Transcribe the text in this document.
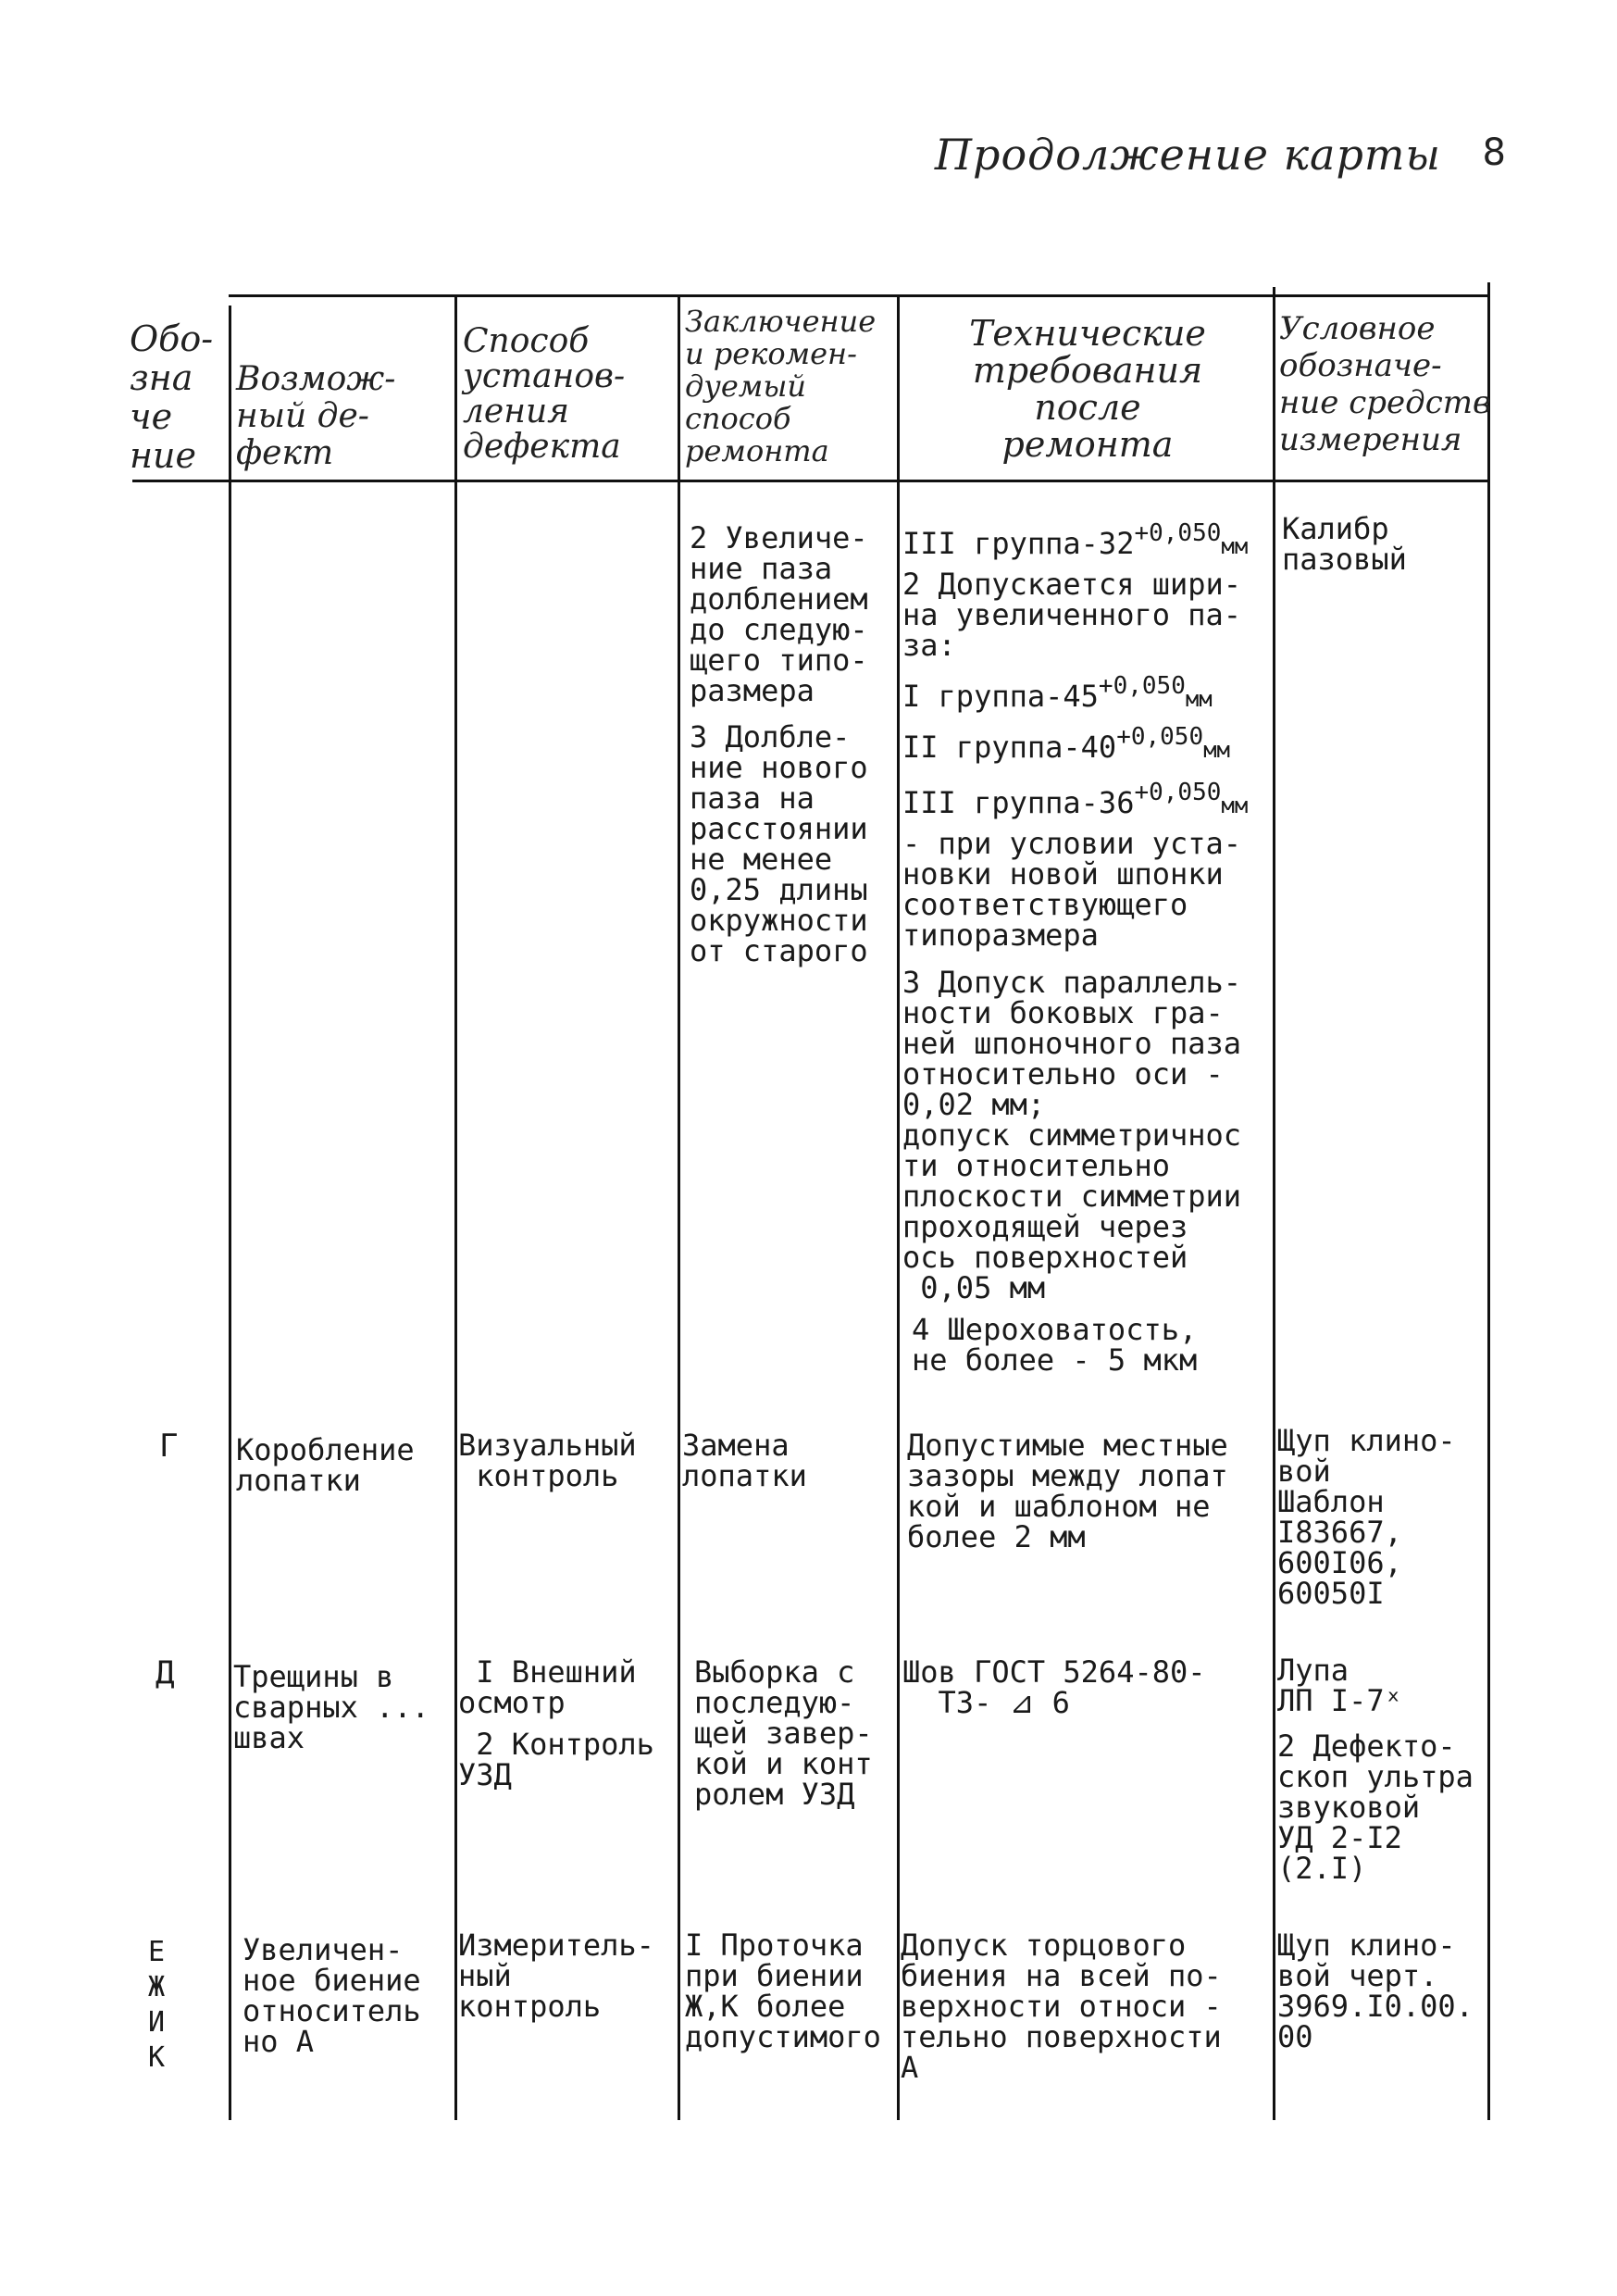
Продолжение карты 8
Обо-
зна
че
ние
Возмож-
ный де-
фект
Способ
установ-
ления
дефекта
Заключение
и рекомен-
дуемый
способ
ремонта
Технические
требования
после
ремонта
Условное
обозначе-
ние средств
измерения
2 Увеличе-
ние паза
долблением
до следую-
щего типо-
размера
3 Долбле-
ние нового
паза на
расстоянии
не менее
0,25 длины
окружности
от старого
III группа-$32^{+0,050}мм$
2 Допускается шири-
на увеличенного па-
за:
I группа-$45^{+0,050}мм$
II группа-$40^{+0,050}мм$
III группа-$36^{+0,050}мм$
- при условии уста-
новки новой шпонки
соответствующего
типоразмера
3 Допуск параллель-
ности боковых гра-
ней шпоночного паза
относительно оси -
0,02 мм;
допуск симметричнос
ти относительно
плоскости симметрии
проходящей через
ось поверхностей
0,05 мм
4 Шероховатость,
не более - 5 мкм
Калибр
пазовый
Г Коробление
лопатки
Визуальный
контроль
Замена
лопатки
Допустимые местные
зазоры между лопат
кой и шаблоном не
более 2 мм
Щуп клино-
вой
Шаблон
I83667,
600I06,
60050I
Д Трещины в
сварных ...
швах
I Внешний
осмотр
2 Контроль
УЗД
Выборка с
последую-
щей завер-
кой и конт
ролем УЗД
Шов ГОСТ 5264-80-
Т3- ⊿ 6
Лупа
ЛП I-7ˣ
2 Дефекто-
скоп ультра
звуковой
УД 2-I2
(2.I)
Е
Ж
И
К
Увеличен-
ное биение
относитель
но А
Измеритель-
ный
контроль
I Проточка
при биении
Ж,К более
допустимого
Допуск торцового
биения на всей по-
верхности относи -
тельно поверхности
А
Щуп клино-
вой черт.
3969.I0.00.
00
